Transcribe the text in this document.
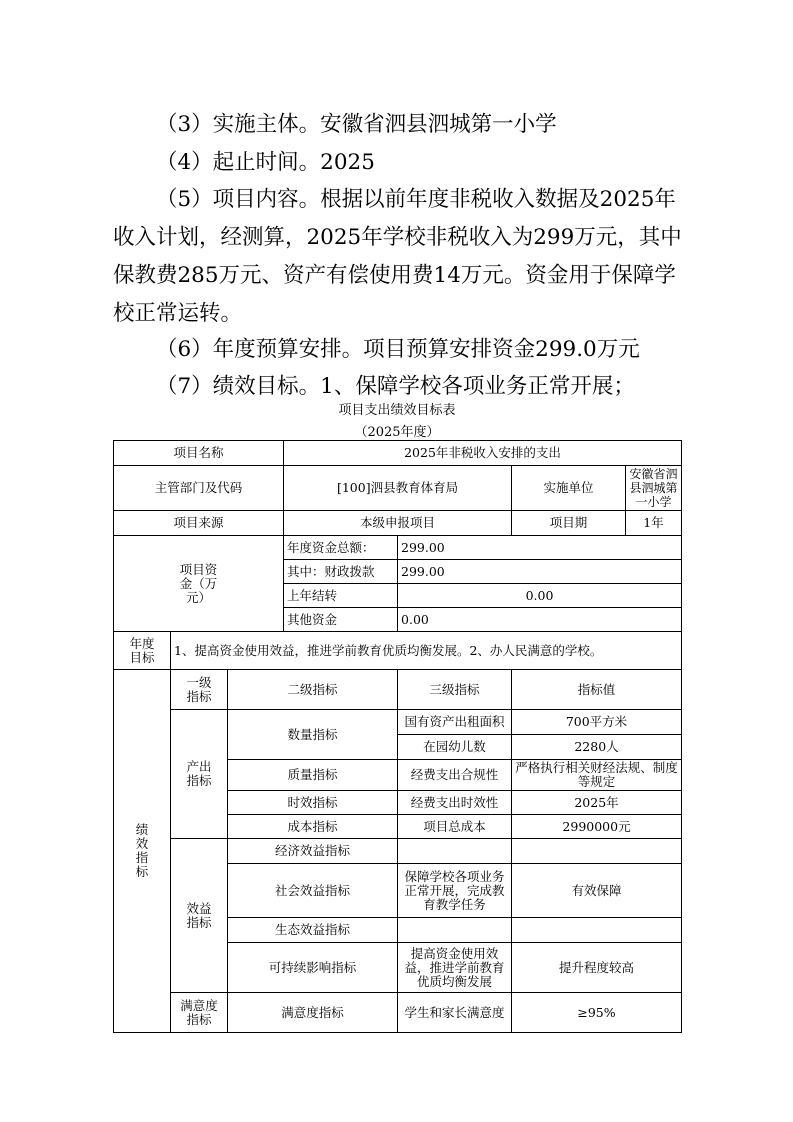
（3）实施主体。安徽省泗县泗城第一小学

（4）起止时间。2025

（5）项目内容。根据以前年度非税收入数据及2025年收入计划，经测算，2025年学校非税收入为299万元，其中保教费285万元、资产有偿使用费14万元。资金用于保障学校正常运转。

（6）年度预算安排。项目预算安排资金299.0万元

（7）绩效目标。1、保障学校各项业务正常开展；

项目支出绩效目标表
（2025年度）
项目名称			2025年非税收入安排的支出			
主管部门及代码			[100]泗县教育体育局		实施单位	安徽省泗县泗城第一小学
项目来源			本级申报项目		项目期	1年
项目资金（万元）			年度资金总额：	299.00		
			其中：财政拨款	299.00		
			上年结转	0.00		
			其他资金	0.00		
年度目标	1、提高资金使用效益，推进学前教育优质均衡发展。2、办人民满意的学校。					
绩效指标	一级指标	二级指标		三级指标	指标值	
	产出指标	数量指标		国有资产出租面积	700平方米	
				在园幼儿数	2280人	
		质量指标		经费支出合规性	严格执行相关财经法规、制度等规定	
		时效指标		经费支出时效性	2025年	
		成本指标		项目总成本	2990000元	
	效益指标	经济效益指标				
		社会效益指标		保障学校各项业务正常开展，完成教育教学任务	有效保障	
		生态效益指标				
		可持续影响指标		提高资金使用效益，推进学前教育优质均衡发展	提升程度较高	
	满意度指标	满意度指标		学生和家长满意度	≥95%	
